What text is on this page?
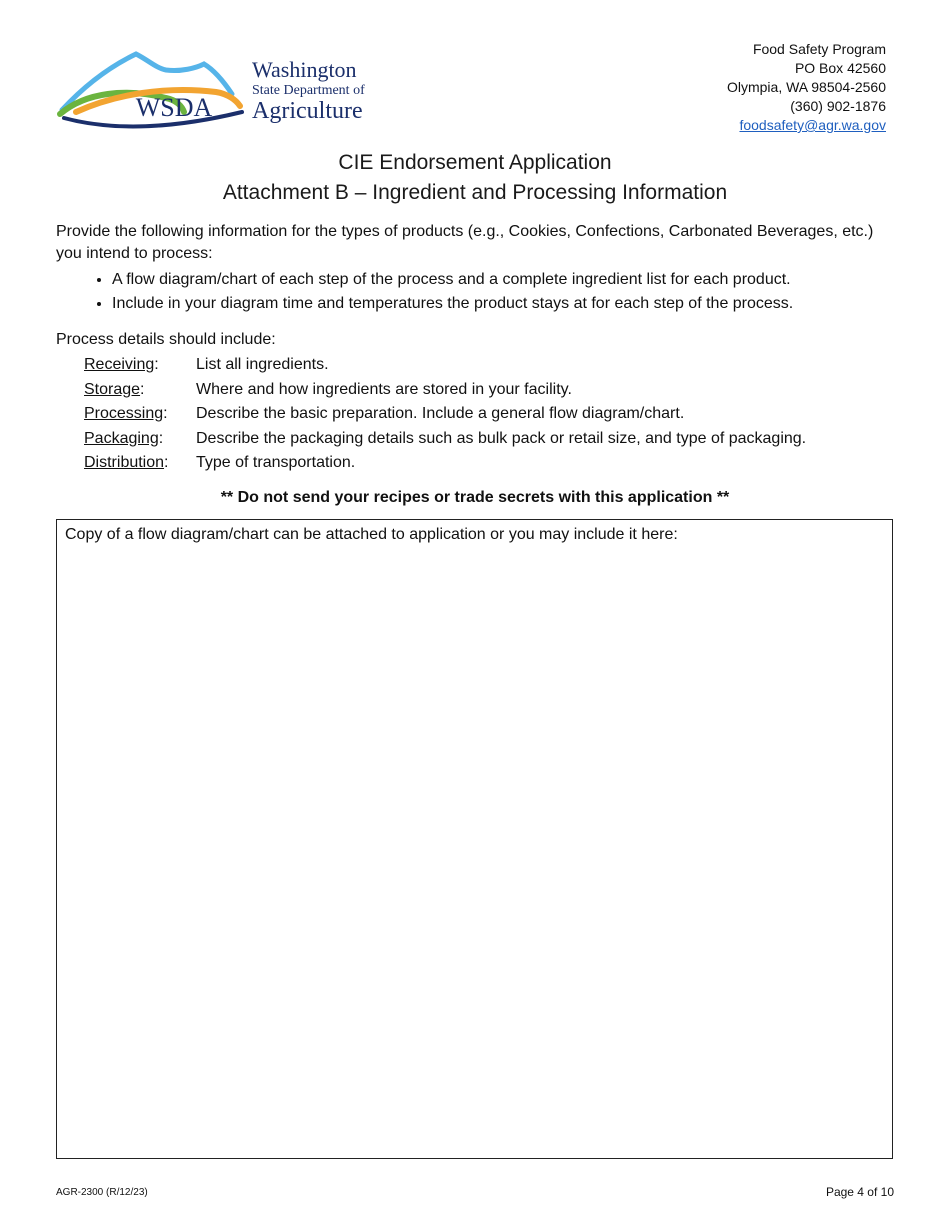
WSDA
Washington
State Department of
Agriculture
Food Safety Program
PO Box 42560
Olympia, WA 98504-2560
(360) 902-1876
foodsafety@agr.wa.gov
CIE Endorsement Application
Attachment B – Ingredient and Processing Information
Provide the following information for the types of products (e.g., Cookies, Confections, Carbonated Beverages, etc.) you intend to process:
• A flow diagram/chart of each step of the process and a complete ingredient list for each product.
• Include in your diagram time and temperatures the product stays at for each step of the process.
Process details should include:
Receiving:	List all ingredients.
Storage:	Where and how ingredients are stored in your facility.
Processing:	Describe the basic preparation. Include a general flow diagram/chart.
Packaging:	Describe the packaging details such as bulk pack or retail size, and type of packaging.
Distribution:	Type of transportation.
** Do not send your recipes or trade secrets with this application **
Copy of a flow diagram/chart can be attached to application or you may include it here:
AGR-2300 (R/12/23)	Page 4 of 10
